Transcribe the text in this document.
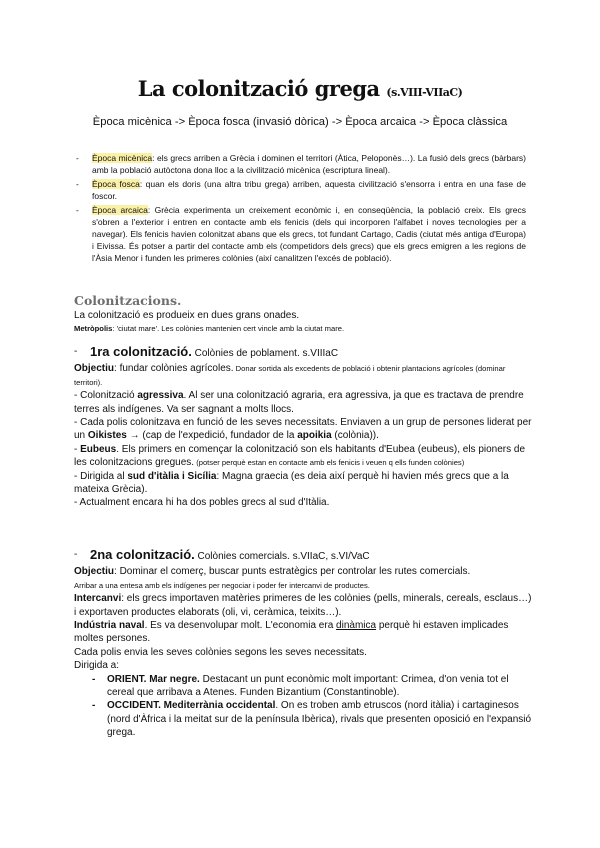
La colonització grega (s.VIII-VIIaC)
Època micènica -> Època fosca (invasió dòrica) -> Època arcaica -> Època clàssica
- Època micènica: els grecs arriben a Grècia i dominen el territori (Àtica, Peloponès…). La fusió dels grecs (bàrbars) amb la població autòctona dona lloc a la civilització micènica (escriptura lineal).
- Època fosca: quan els doris (una altra tribu grega) arriben, aquesta civilització s'ensorra i entra en una fase de foscor.
- Època arcaica: Grècia experimenta un creixement econòmic i, en conseqüència, la població creix. Els grecs s'obren a l'exterior i entren en contacte amb els fenicis (dels qui incorporen l'alfabet i noves tecnologies per a navegar). Els fenicis havien colonitzat abans que els grecs, tot fundant Cartago, Cadis (ciutat més antiga d'Europa) i Eivissa. És potser a partir del contacte amb els (competidors dels grecs) que els grecs emigren a les regions de l'Àsia Menor i funden les primeres colònies (així canalitzen l'excés de població).
Colonitzacions.
La colonització es produeix en dues grans onades.
Metròpolis: 'ciutat mare'. Les colònies mantenien cert vincle amb la ciutat mare.
- 1ra colonització. Colònies de poblament. s.VIIIaC
Objectiu: fundar colònies agrícoles. Donar sortida als excedents de població i obtenir plantacions agrícoles (dominar territori).
- Colonització agressiva. Al ser una colonització agraria, era agressiva, ja que es tractava de prendre terres als indígenes. Va ser sagnant a molts llocs.
- Cada polis colonitzava en funció de les seves necessitats. Enviaven a un grup de persones liderat per un Oikistes → (cap de l'expedició, fundador de la apoikia (colònia)).
- Eubeus. Els primers en començar la colonització son els habitants d'Eubea (eubeus), els pioners de les colonitzacions gregues. (potser perquè estan en contacte amb els fenicis i veuen q ells funden colònies)
- Dirigida al sud d'itàlia i Sicília: Magna graecia (es deia així perquè hi havien més grecs que a la mateixa Grècia).
- Actualment encara hi ha dos pobles grecs al sud d'Itàlia.
- 2na colonització. Colònies comercials. s.VIIaC, s.VI/VaC
Objectiu: Dominar el comerç, buscar punts estratègics per controlar les rutes comercials.
Arribar a una entesa amb els indígenes per negociar i poder fer intercanvi de productes.
Intercanvi: els grecs importaven matèries primeres de les colònies (pells, minerals, cereals, esclaus…) i exportaven productes elaborats (oli, vi, ceràmica, teixits…).
Indústria naval. Es va desenvolupar molt. L'economia era dinàmica perquè hi estaven implicades moltes persones.
Cada polis envia les seves colònies segons les seves necessitats.
Dirigida a:
- ORIENT. Mar negre. Destacant un punt econòmic molt important: Crimea, d'on venia tot el cereal que arribava a Atenes. Funden Bizantium (Constantinoble).
- OCCIDENT. Mediterrània occidental. On es troben amb etruscos (nord itàlia) i cartaginesos (nord d'Àfrica i la meitat sur de la península Ibèrica), rivals que presenten oposició en l'expansió grega.
